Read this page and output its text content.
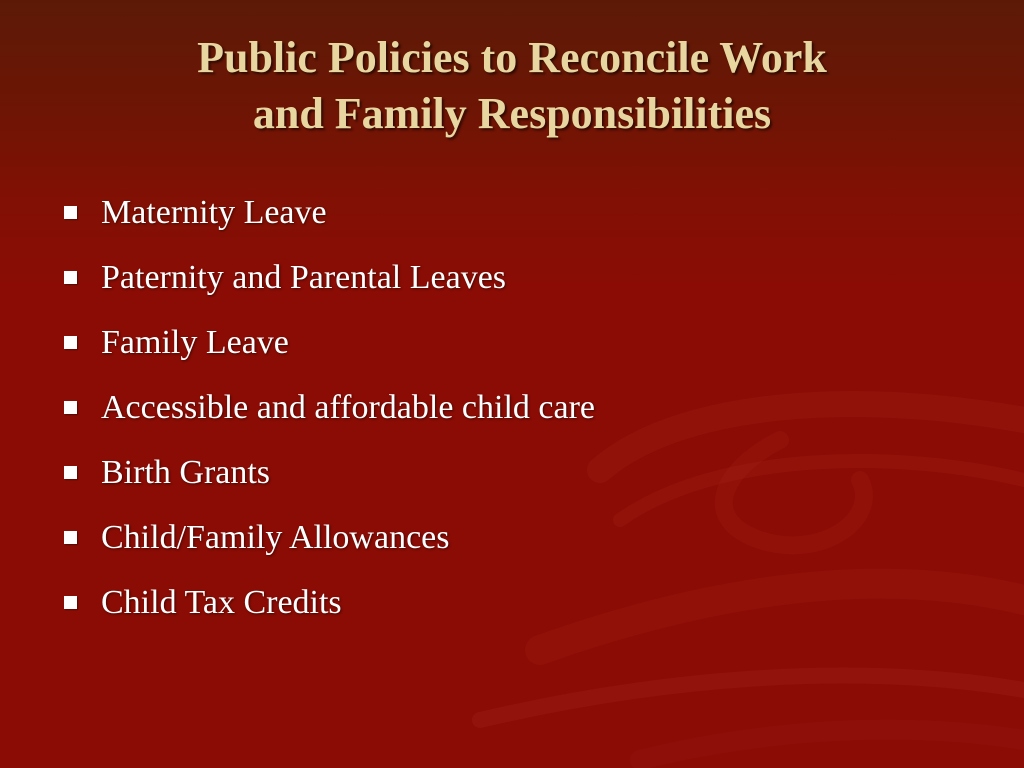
Public Policies to Reconcile Work
and Family Responsibilities
Maternity Leave
Paternity and Parental Leaves
Family Leave
Accessible and affordable child care
Birth Grants
Child/Family Allowances
Child Tax Credits
